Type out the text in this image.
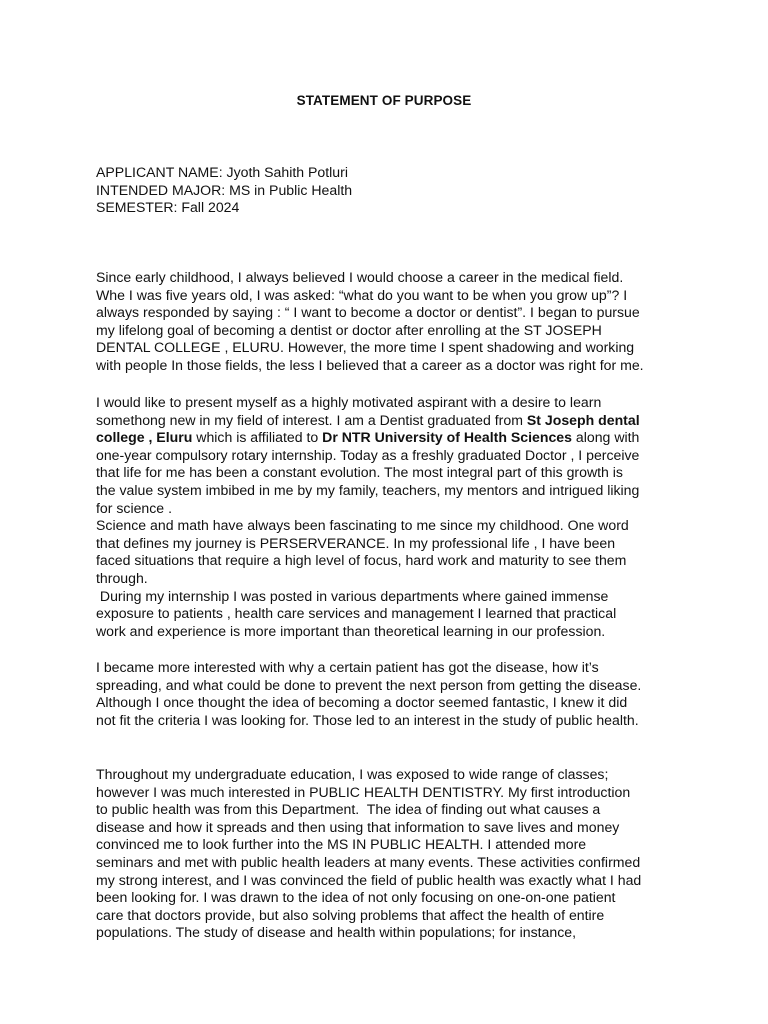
STATEMENT OF PURPOSE
APPLICANT NAME: Jyoth Sahith Potluri
INTENDED MAJOR: MS in Public Health
SEMESTER: Fall 2024
Since early childhood, I always believed I would choose a career in the medical field.
Whe I was five years old, I was asked: “what do you want to be when you grow up”? I
always responded by saying : “ I want to become a doctor or dentist”. I began to pursue
my lifelong goal of becoming a dentist or doctor after enrolling at the ST JOSEPH
DENTAL COLLEGE , ELURU. However, the more time I spent shadowing and working
with people In those fields, the less I believed that a career as a doctor was right for me.
I would like to present myself as a highly motivated aspirant with a desire to learn
somethong new in my field of interest. I am a Dentist graduated from St Joseph dental
college , Eluru which is affiliated to Dr NTR University of Health Sciences along with
one-year compulsory rotary internship. Today as a freshly graduated Doctor , I perceive
that life for me has been a constant evolution. The most integral part of this growth is
the value system imbibed in me by my family, teachers, my mentors and intrigued liking
for science .
Science and math have always been fascinating to me since my childhood. One word
that defines my journey is PERSERVERANCE. In my professional life , I have been
faced situations that require a high level of focus, hard work and maturity to see them
through.
During my internship I was posted in various departments where gained immense
exposure to patients , health care services and management I learned that practical
work and experience is more important than theoretical learning in our profession.
I became more interested with why a certain patient has got the disease, how it’s
spreading, and what could be done to prevent the next person from getting the disease.
Although I once thought the idea of becoming a doctor seemed fantastic, I knew it did
not fit the criteria I was looking for. Those led to an interest in the study of public health.
Throughout my undergraduate education, I was exposed to wide range of classes;
however I was much interested in PUBLIC HEALTH DENTISTRY. My first introduction
to public health was from this Department.  The idea of finding out what causes a
disease and how it spreads and then using that information to save lives and money
convinced me to look further into the MS IN PUBLIC HEALTH. I attended more
seminars and met with public health leaders at many events. These activities confirmed
my strong interest, and I was convinced the field of public health was exactly what I had
been looking for. I was drawn to the idea of not only focusing on one-on-one patient
care that doctors provide, but also solving problems that affect the health of entire
populations. The study of disease and health within populations; for instance,
